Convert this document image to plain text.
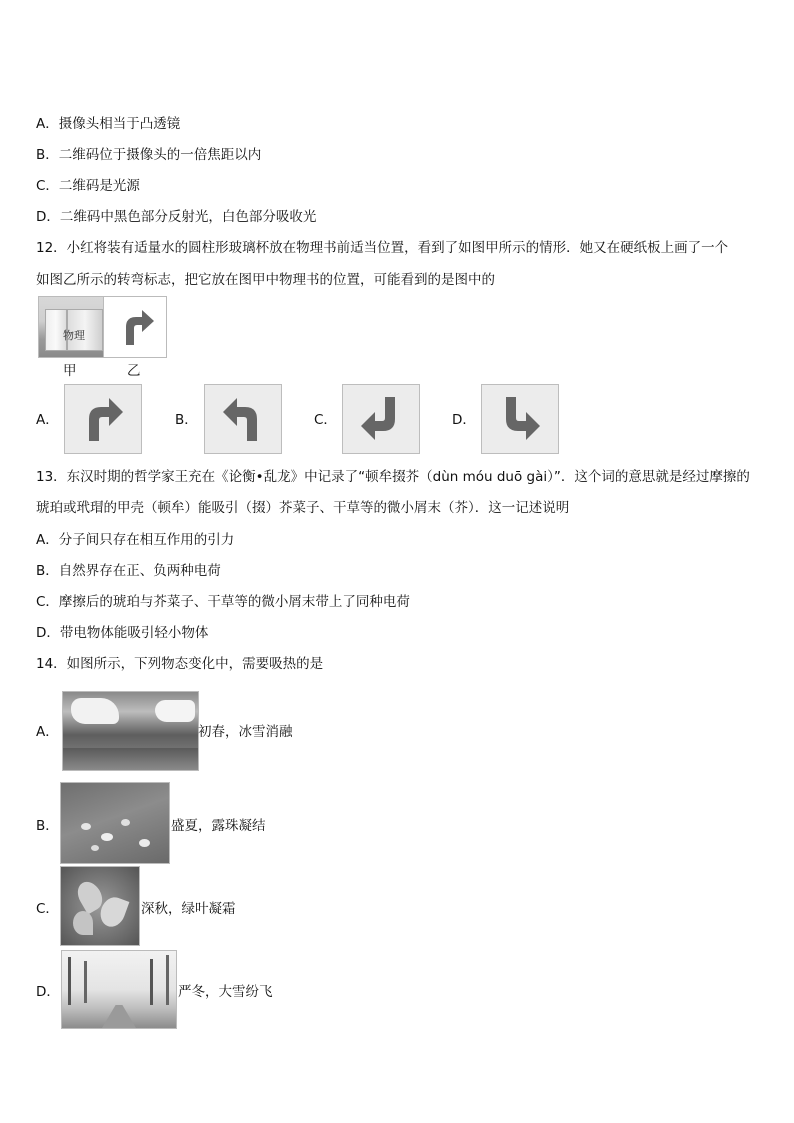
A．摄像头相当于凸透镜
B．二维码位于摄像头的一倍焦距以内
C．二维码是光源
D．二维码中黑色部分反射光，白色部分吸收光
12．小红将装有适量水的圆柱形玻璃杯放在物理书前适当位置，看到了如图甲所示的情形．她又在硬纸板上画了一个
如图乙所示的转弯标志，把它放在图甲中物理书的位置，可能看到的是图中的
物理
甲	乙
A．	B．	C．	D．
13．东汉时期的哲学家王充在《论衡•乱龙》中记录了“顿牟掇芥（dùn móu duō gài）”．这个词的意思就是经过摩擦的
琥珀或玳瑁的甲壳（顿牟）能吸引（掇）芥菜子、干草等的微小屑末（芥）．这一记述说明
A．分子间只存在相互作用的引力
B．自然界存在正、负两种电荷
C．摩擦后的琥珀与芥菜子、干草等的微小屑末带上了同种电荷
D．带电物体能吸引轻小物体
14．如图所示，下列物态变化中，需要吸热的是
A．	初春，冰雪消融
B．	盛夏，露珠凝结
C．	深秋，绿叶凝霜
D．	严冬，大雪纷飞
